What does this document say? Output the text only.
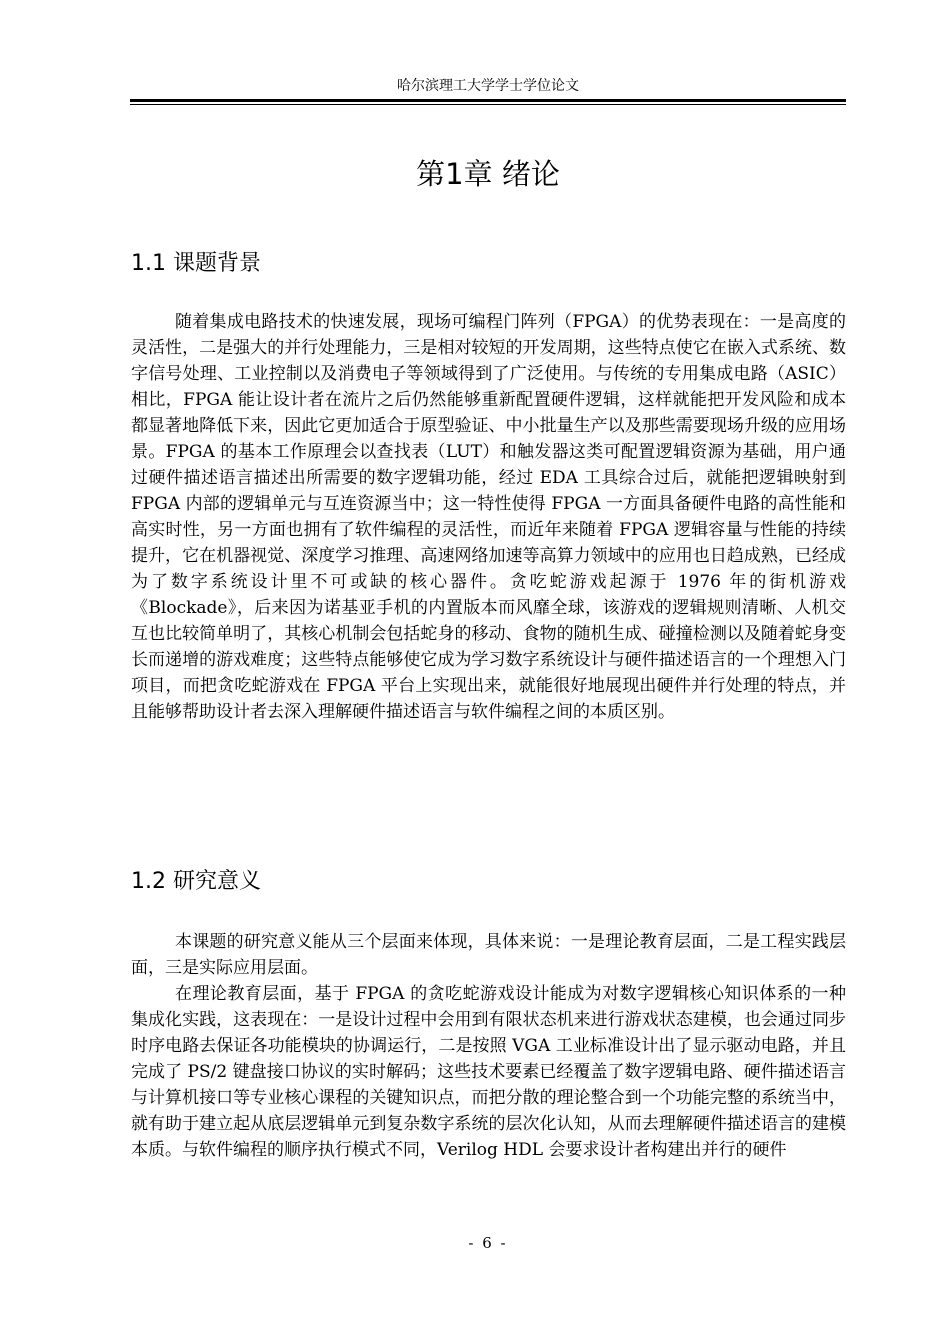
哈尔滨理工大学学士学位论文
第1章 绪论
1.1 课题背景
随着集成电路技术的快速发展，现场可编程门阵列（FPGA）的优势表现在：一是高度的灵活性，二是强大的并行处理能力，三是相对较短的开发周期，这些特点使它在嵌入式系统、数字信号处理、工业控制以及消费电子等领域得到了广泛使用。与传统的专用集成电路（ASIC）相比，FPGA 能让设计者在流片之后仍然能够重新配置硬件逻辑，这样就能把开发风险和成本都显著地降低下来，因此它更加适合于原型验证、中小批量生产以及那些需要现场升级的应用场景。FPGA 的基本工作原理会以查找表（LUT）和触发器这类可配置逻辑资源为基础，用户通过硬件描述语言描述出所需要的数字逻辑功能，经过 EDA 工具综合过后，就能把逻辑映射到 FPGA 内部的逻辑单元与互连资源当中；这一特性使得 FPGA 一方面具备硬件电路的高性能和高实时性，另一方面也拥有了软件编程的灵活性，而近年来随着 FPGA 逻辑容量与性能的持续提升，它在机器视觉、深度学习推理、高速网络加速等高算力领域中的应用也日趋成熟，已经成为了数字系统设计里不可或缺的核心器件。贪吃蛇游戏起源于 1976 年的街机游戏《Blockade》，后来因为诺基亚手机的内置版本而风靡全球，该游戏的逻辑规则清晰、人机交互也比较简单明了，其核心机制会包括蛇身的移动、食物的随机生成、碰撞检测以及随着蛇身变长而递增的游戏难度；这些特点能够使它成为学习数字系统设计与硬件描述语言的一个理想入门项目，而把贪吃蛇游戏在 FPGA 平台上实现出来，就能很好地展现出硬件并行处理的特点，并且能够帮助设计者去深入理解硬件描述语言与软件编程之间的本质区别。
1.2 研究意义
本课题的研究意义能从三个层面来体现，具体来说：一是理论教育层面，二是工程实践层面，三是实际应用层面。
在理论教育层面，基于 FPGA 的贪吃蛇游戏设计能成为对数字逻辑核心知识体系的一种集成化实践，这表现在：一是设计过程中会用到有限状态机来进行游戏状态建模，也会通过同步时序电路去保证各功能模块的协调运行，二是按照 VGA 工业标准设计出了显示驱动电路，并且完成了 PS/2 键盘接口协议的实时解码；这些技术要素已经覆盖了数字逻辑电路、硬件描述语言与计算机接口等专业核心课程的关键知识点，而把分散的理论整合到一个功能完整的系统当中，就有助于建立起从底层逻辑单元到复杂数字系统的层次化认知，从而去理解硬件描述语言的建模本质。与软件编程的顺序执行模式不同，Verilog HDL 会要求设计者构建出并行的硬件
- 6 -
